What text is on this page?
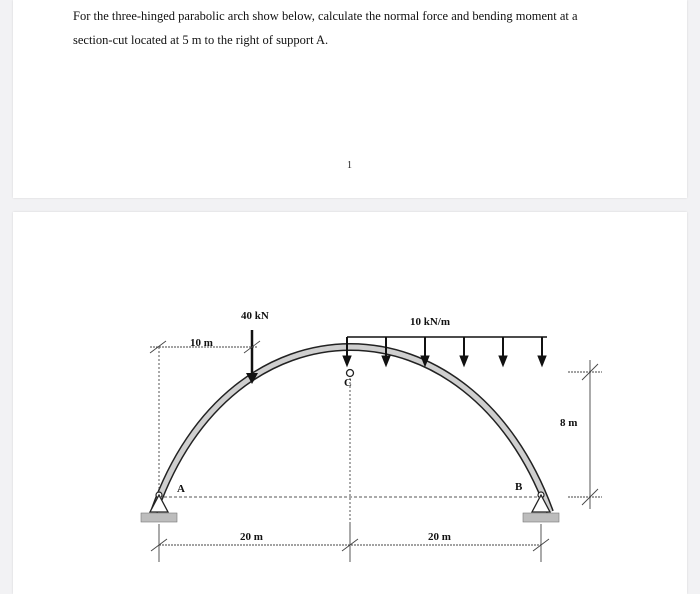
For the three-hinged parabolic arch show below, calculate the normal force and bending moment at a
section-cut located at 5 m to the right of support A.

1
40 kN	10 kN/m
10 m
20 m	20 m
8 m
A	B
C
